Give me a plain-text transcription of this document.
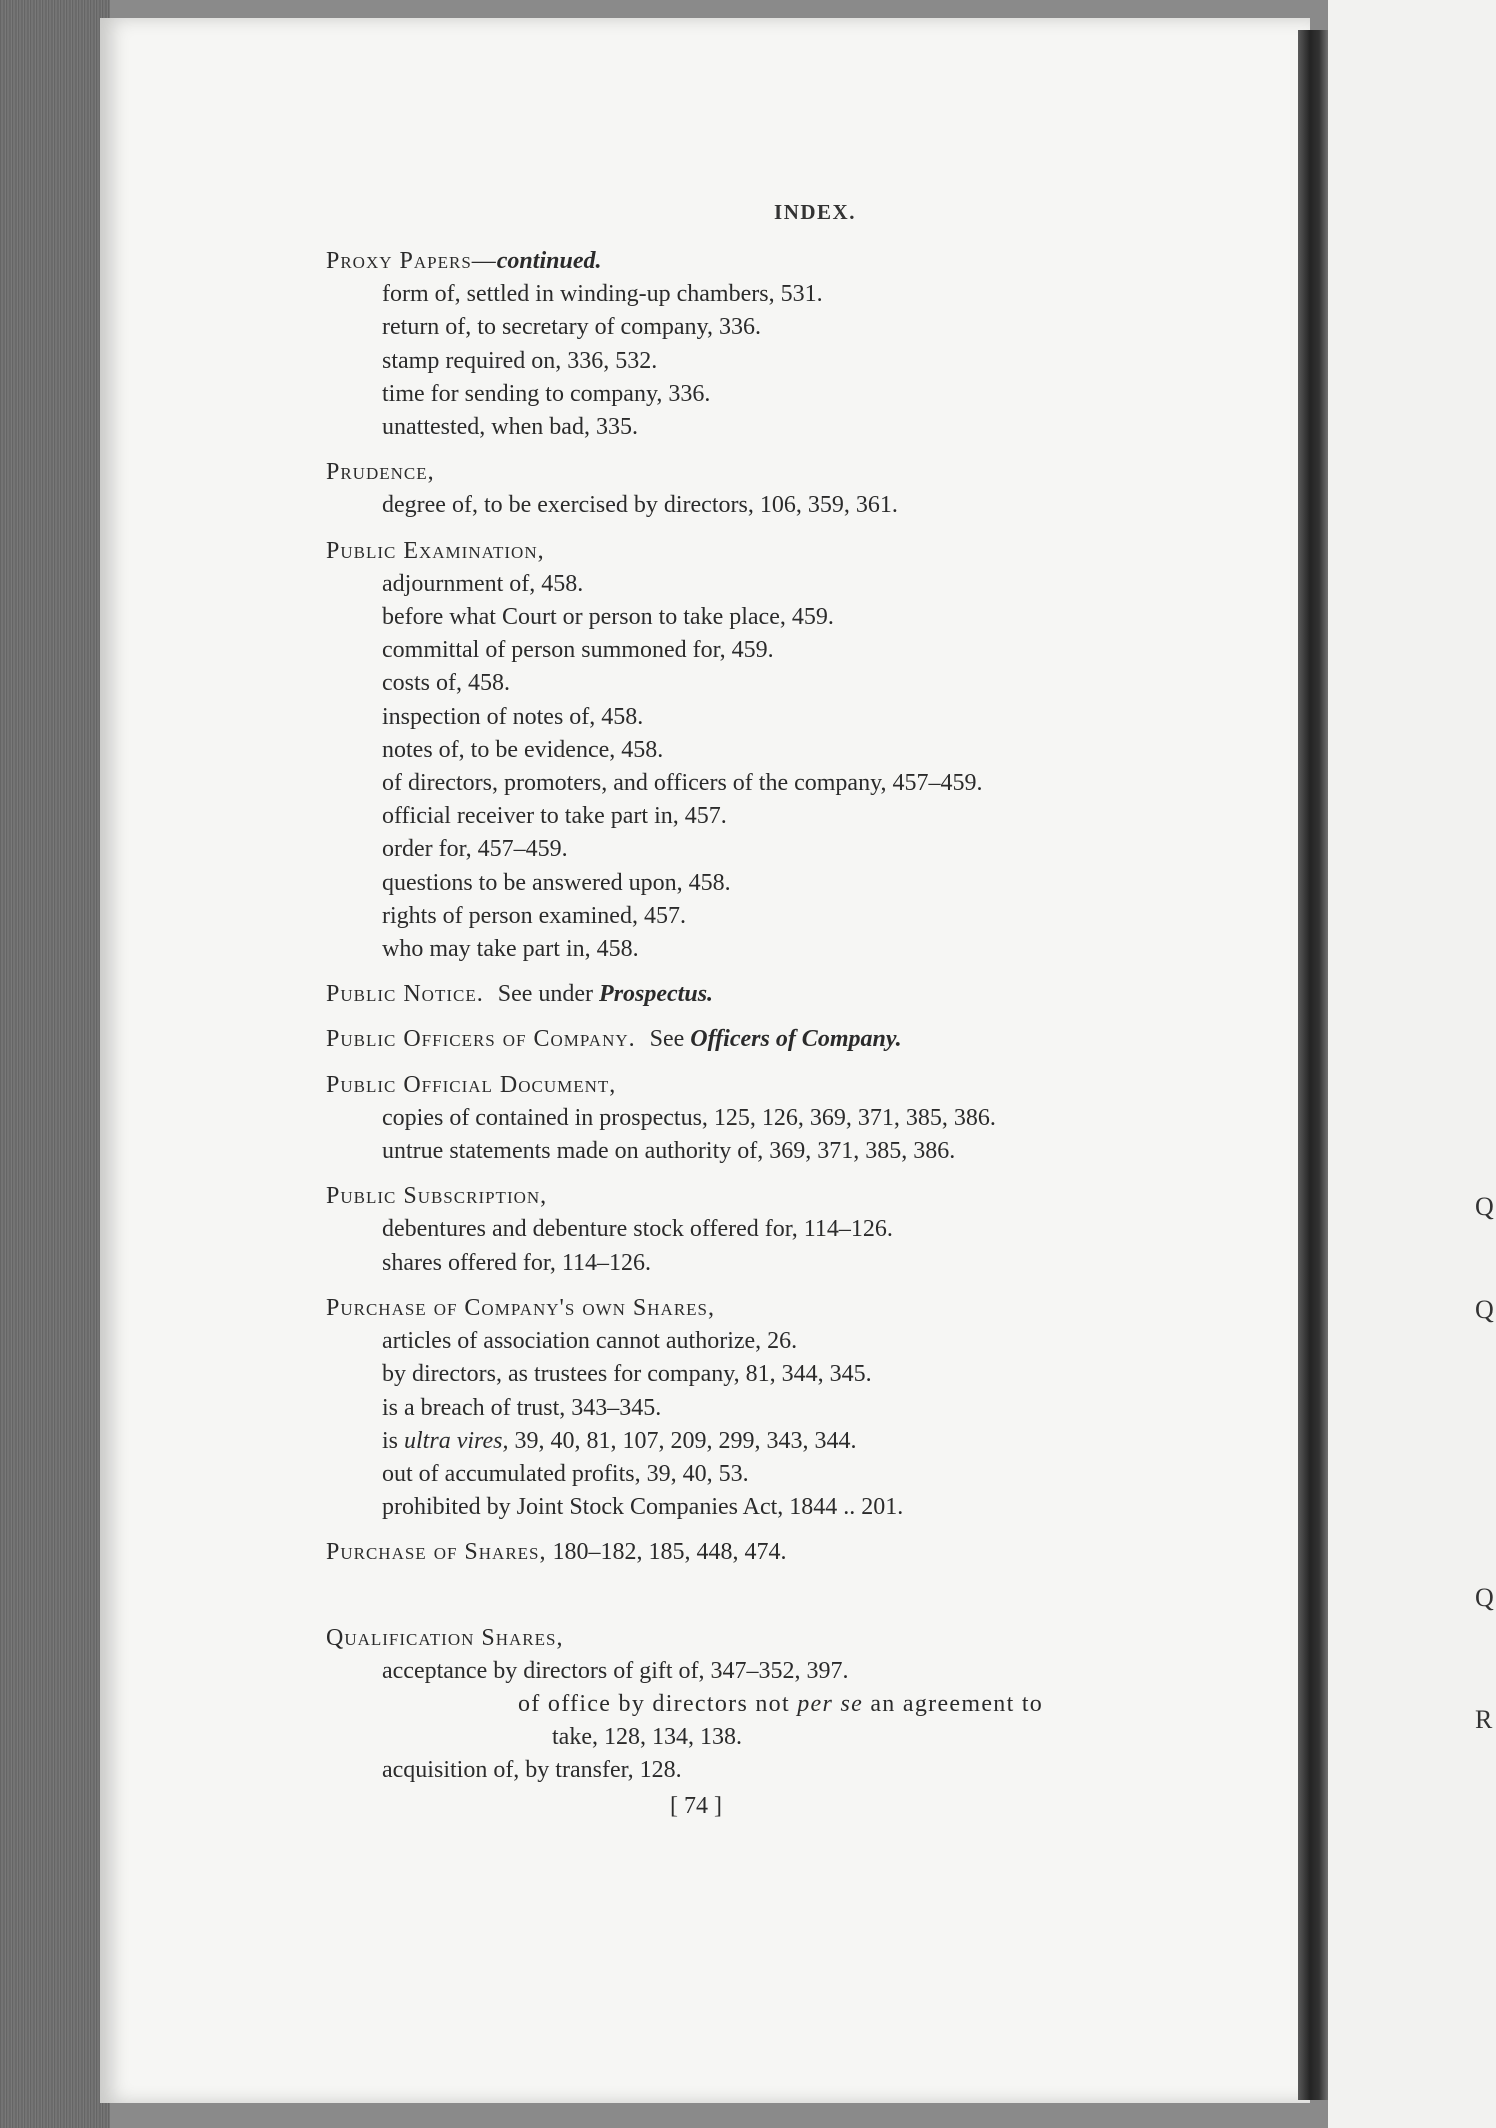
INDEX.
Q
Q
Q
R
Proxy Papers—continued.
form of, settled in winding-up chambers, 531.
return of, to secretary of company, 336.
stamp required on, 336, 532.
time for sending to company, 336.
unattested, when bad, 335.
Prudence,
degree of, to be exercised by directors, 106, 359, 361.
Public Examination,
adjournment of, 458.
before what Court or person to take place, 459.
committal of person summoned for, 459.
costs of, 458.
inspection of notes of, 458.
notes of, to be evidence, 458.
of directors, promoters, and officers of the company, 457–459.
official receiver to take part in, 457.
order for, 457–459.
questions to be answered upon, 458.
rights of person examined, 457.
who may take part in, 458.
Public Notice. See under Prospectus.
Public Officers of Company. See Officers of Company.
Public Official Document,
copies of contained in prospectus, 125, 126, 369, 371, 385, 386.
untrue statements made on authority of, 369, 371, 385, 386.
Public Subscription,
debentures and debenture stock offered for, 114–126.
shares offered for, 114–126.
Purchase of Company's own Shares,
articles of association cannot authorize, 26.
by directors, as trustees for company, 81, 344, 345.
is a breach of trust, 343–345.
is ultra vires, 39, 40, 81, 107, 209, 299, 343, 344.
out of accumulated profits, 39, 40, 53.
prohibited by Joint Stock Companies Act, 1844 .. 201.
Purchase of Shares, 180–182, 185, 448, 474.
Qualification Shares,
acceptance by directors of gift of, 347–352, 397.
of office by directors not per se an agreement to
take, 128, 134, 138.
acquisition of, by transfer, 128.
[ 74 ]
